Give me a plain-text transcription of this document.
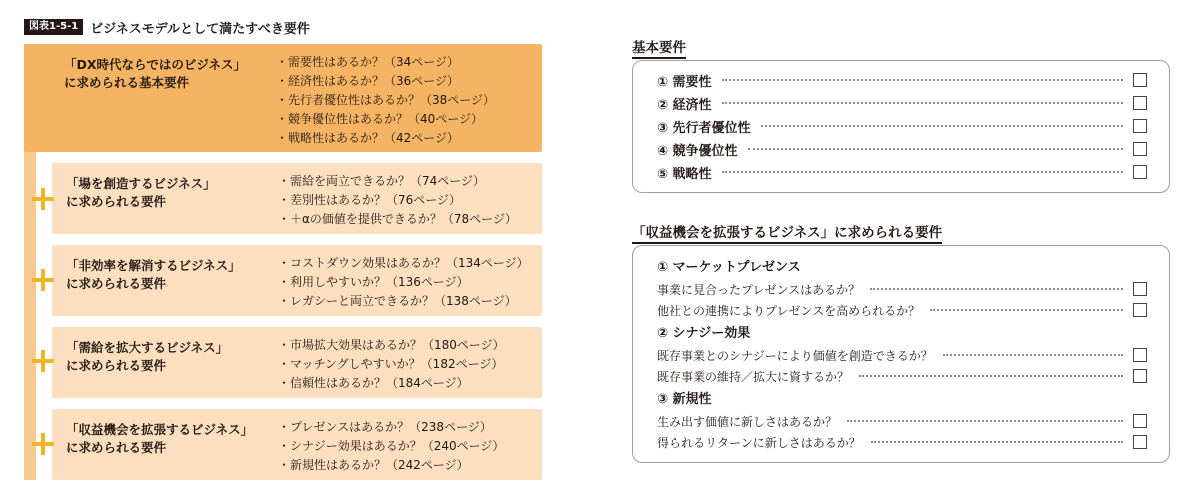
図表1-5-1 ビジネスモデルとして満たすべき要件
「DX時代ならではのビジネス」
に求められる基本要件
・需要性はあるか？（34ページ）
・経済性はあるか？（36ページ）
・先行者優位性はあるか？（38ページ）
・競争優位性はあるか？（40ページ）
・戦略性はあるか？（42ページ）
「場を創造するビジネス」
に求められる要件
・需給を両立できるか？（74ページ）
・差別性はあるか？（76ページ）
・＋αの価値を提供できるか？（78ページ）
「非効率を解消するビジネス」
に求められる要件
・コストダウン効果はあるか？（134ページ）
・利用しやすいか？（136ページ）
・レガシーと両立できるか？（138ページ）
「需給を拡大するビジネス」
に求められる要件
・市場拡大効果はあるか？（180ページ）
・マッチングしやすいか？（182ページ）
・信頼性はあるか？（184ページ）
「収益機会を拡張するビジネス」
に求められる要件
・プレゼンスはあるか？（238ページ）
・シナジー効果はあるか？（240ページ）
・新規性はあるか？（242ページ）
基本要件
① 需要性
② 経済性
③ 先行者優位性
④ 競争優位性
⑤ 戦略性
「収益機会を拡張するビジネス」に求められる要件
① マーケットプレゼンス
事業に見合ったプレゼンスはあるか？
他社との連携によりプレゼンスを高められるか？
② シナジー効果
既存事業とのシナジーにより価値を創造できるか？
既存事業の維持／拡大に資するか？
③ 新規性
生み出す価値に新しさはあるか？
得られるリターンに新しさはあるか？
